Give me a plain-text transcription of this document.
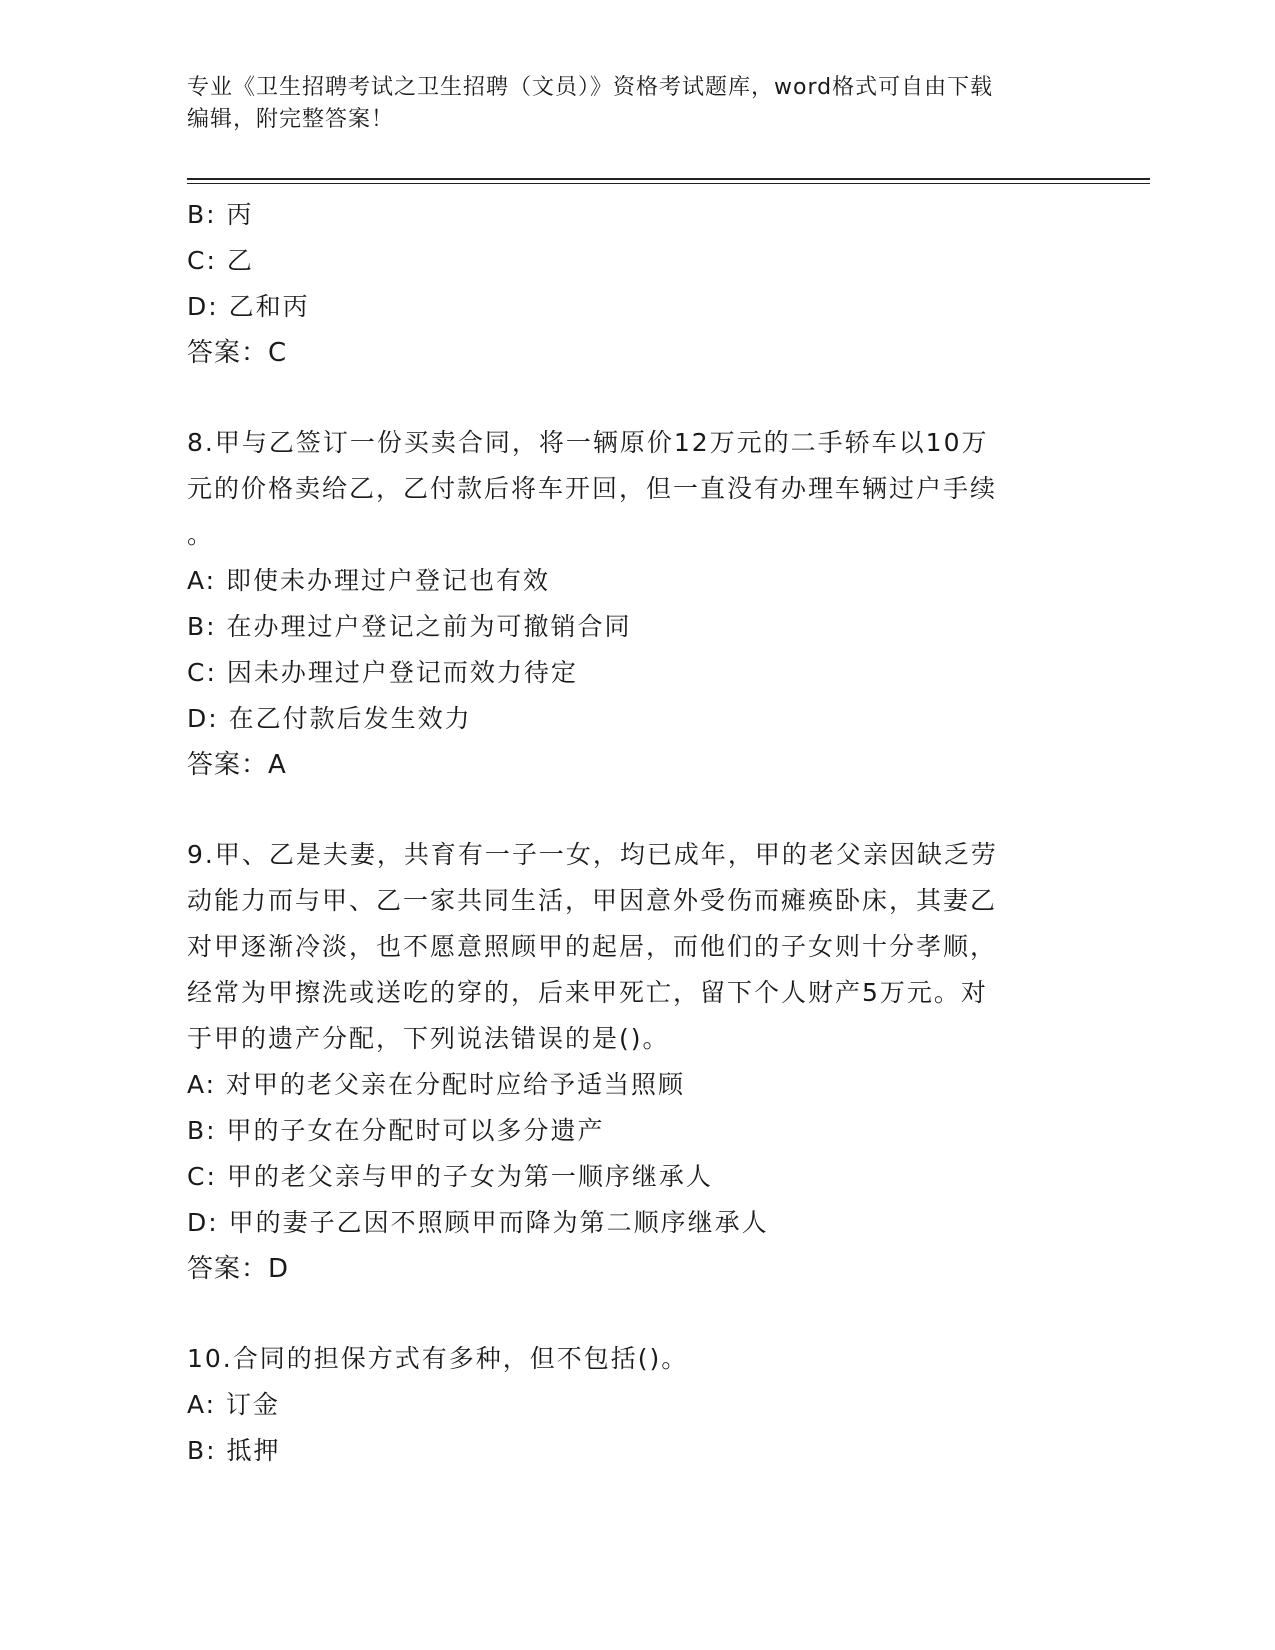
专业《卫生招聘考试之卫生招聘（文员）》资格考试题库，word格式可自由下载
编辑，附完整答案！
B: 丙
C: 乙
D: 乙和丙
答案：C
8.甲与乙签订一份买卖合同，将一辆原价12万元的二手轿车以10万
元的价格卖给乙，乙付款后将车开回，但一直没有办理车辆过户手续
。
A: 即使未办理过户登记也有效
B: 在办理过户登记之前为可撤销合同
C: 因未办理过户登记而效力待定
D: 在乙付款后发生效力
答案：A
9.甲、乙是夫妻，共育有一子一女，均已成年，甲的老父亲因缺乏劳
动能力而与甲、乙一家共同生活，甲因意外受伤而瘫痪卧床，其妻乙
对甲逐渐冷淡，也不愿意照顾甲的起居，而他们的子女则十分孝顺，
经常为甲擦洗或送吃的穿的，后来甲死亡，留下个人财产5万元。对
于甲的遗产分配，下列说法错误的是()。
A: 对甲的老父亲在分配时应给予适当照顾
B: 甲的子女在分配时可以多分遗产
C: 甲的老父亲与甲的子女为第一顺序继承人
D: 甲的妻子乙因不照顾甲而降为第二顺序继承人
答案：D
10.合同的担保方式有多种，但不包括()。
A: 订金
B: 抵押
